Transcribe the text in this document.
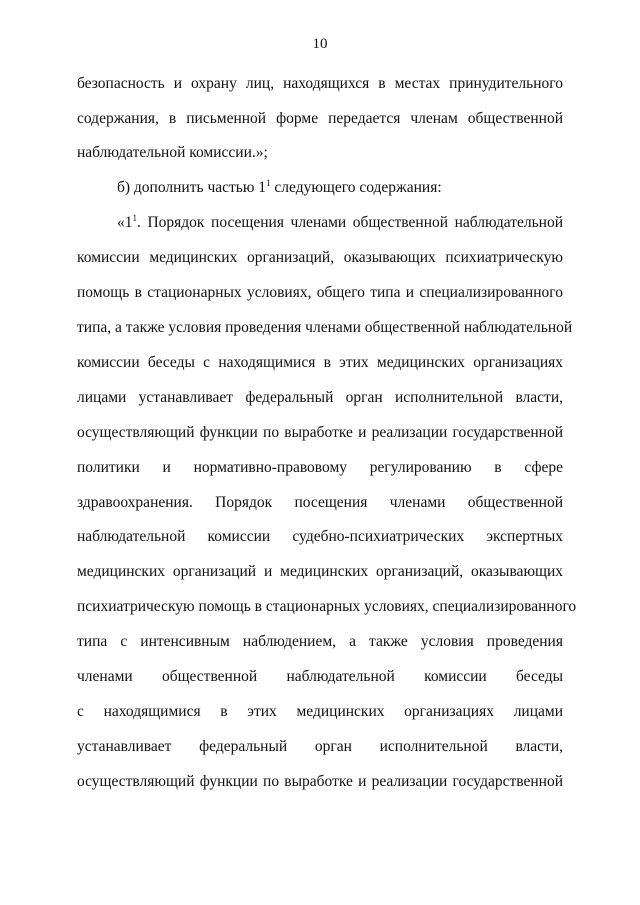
10
безопасность и охрану лиц, находящихся в местах принудительного
содержания, в письменной форме передается членам общественной
наблюдательной комиссии.»;
б) дополнить частью $1^1$ следующего содержания:
«$1^1$. Порядок посещения членами общественной наблюдательной
комиссии медицинских организаций, оказывающих психиатрическую
помощь в стационарных условиях, общего типа и специализированного
типа, а также условия проведения членами общественной наблюдательной
комиссии беседы с находящимися в этих медицинских организациях
лицами устанавливает федеральный орган исполнительной власти,
осуществляющий функции по выработке и реализации государственной
политики и нормативно-правовому регулированию в сфере
здравоохранения. Порядок посещения членами общественной
наблюдательной комиссии судебно-психиатрических экспертных
медицинских организаций и медицинских организаций, оказывающих
психиатрическую помощь в стационарных условиях, специализированного
типа с интенсивным наблюдением, а также условия проведения
членами общественной наблюдательной комиссии беседы
с находящимися в этих медицинских организациях лицами
устанавливает федеральный орган исполнительной власти,
осуществляющий функции по выработке и реализации государственной
